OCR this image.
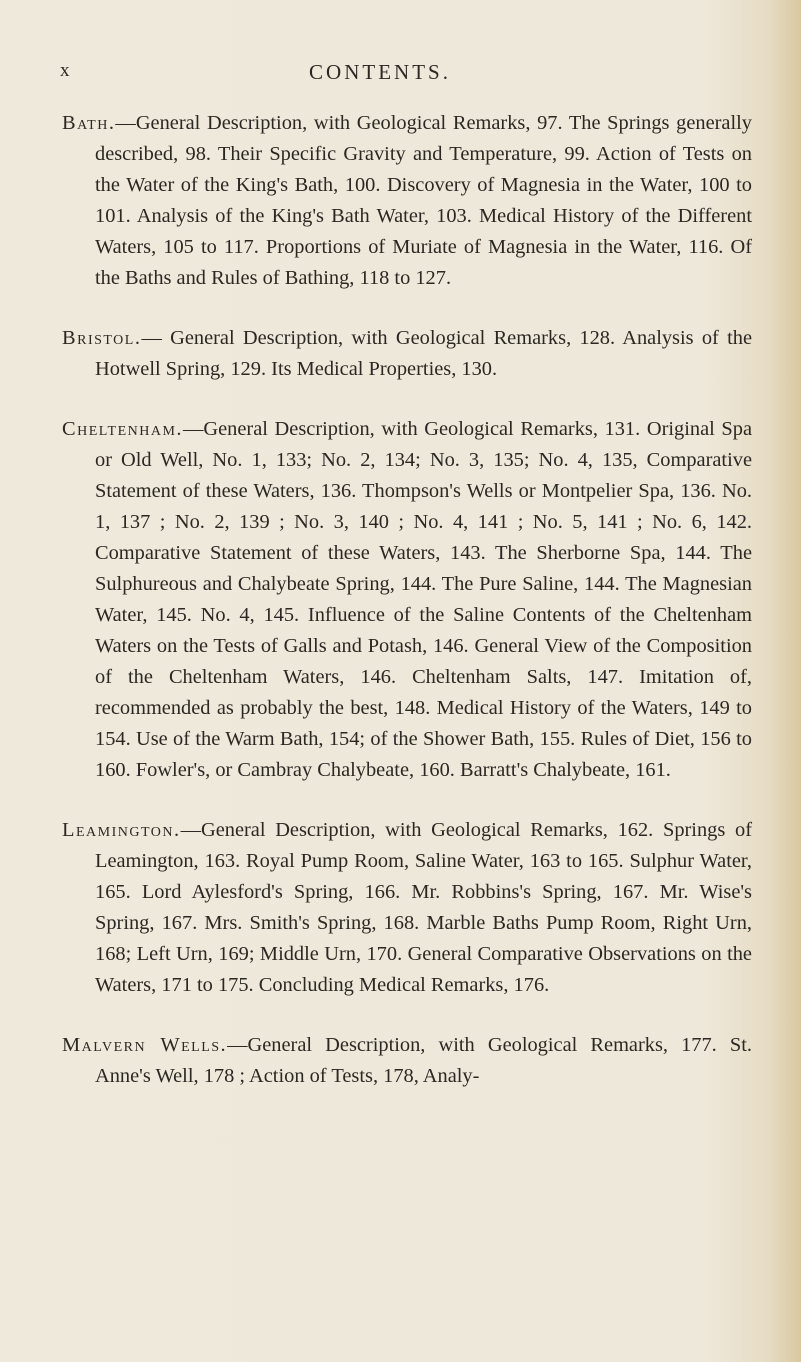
x	CONTENTS.

Bath.—General Description, with Geological Remarks, 97. The Springs generally described, 98. Their Specific Gravity and Temperature, 99. Action of Tests on the Water of the King's Bath, 100. Discovery of Magnesia in the Water, 100 to 101. Analysis of the King's Bath Water, 103. Medical History of the Different Waters, 105 to 117. Proportions of Muriate of Magnesia in the Water, 116. Of the Baths and Rules of Bathing, 118 to 127.

Bristol.— General Description, with Geological Remarks, 128. Analysis of the Hotwell Spring, 129. Its Medical Properties, 130.

Cheltenham.—General Description, with Geological Remarks, 131. Original Spa or Old Well, No. 1, 133; No. 2, 134; No. 3, 135; No. 4, 135, Comparative Statement of these Waters, 136. Thompson's Wells or Montpelier Spa, 136. No. 1, 137 ; No. 2, 139 ; No. 3, 140 ; No. 4, 141 ; No. 5, 141 ; No. 6, 142. Comparative Statement of these Waters, 143. The Sherborne Spa, 144. The Sulphureous and Chalybeate Spring, 144. The Pure Saline, 144. The Magnesian Water, 145. No. 4, 145. Influence of the Saline Contents of the Cheltenham Waters on the Tests of Galls and Potash, 146. General View of the Composition of the Cheltenham Waters, 146. Cheltenham Salts, 147. Imitation of, recommended as probably the best, 148. Medical History of the Waters, 149 to 154. Use of the Warm Bath, 154; of the Shower Bath, 155. Rules of Diet, 156 to 160. Fowler's, or Cambray Chalybeate, 160. Barratt's Chalybeate, 161.

Leamington.—General Description, with Geological Remarks, 162. Springs of Leamington, 163. Royal Pump Room, Saline Water, 163 to 165. Sulphur Water, 165. Lord Aylesford's Spring, 166. Mr. Robbins's Spring, 167. Mr. Wise's Spring, 167. Mrs. Smith's Spring, 168. Marble Baths Pump Room, Right Urn, 168; Left Urn, 169; Middle Urn, 170. General Comparative Observations on the Waters, 171 to 175. Concluding Medical Remarks, 176.

Malvern Wells.—General Description, with Geological Remarks, 177. St. Anne's Well, 178 ; Action of Tests, 178, Analy-
